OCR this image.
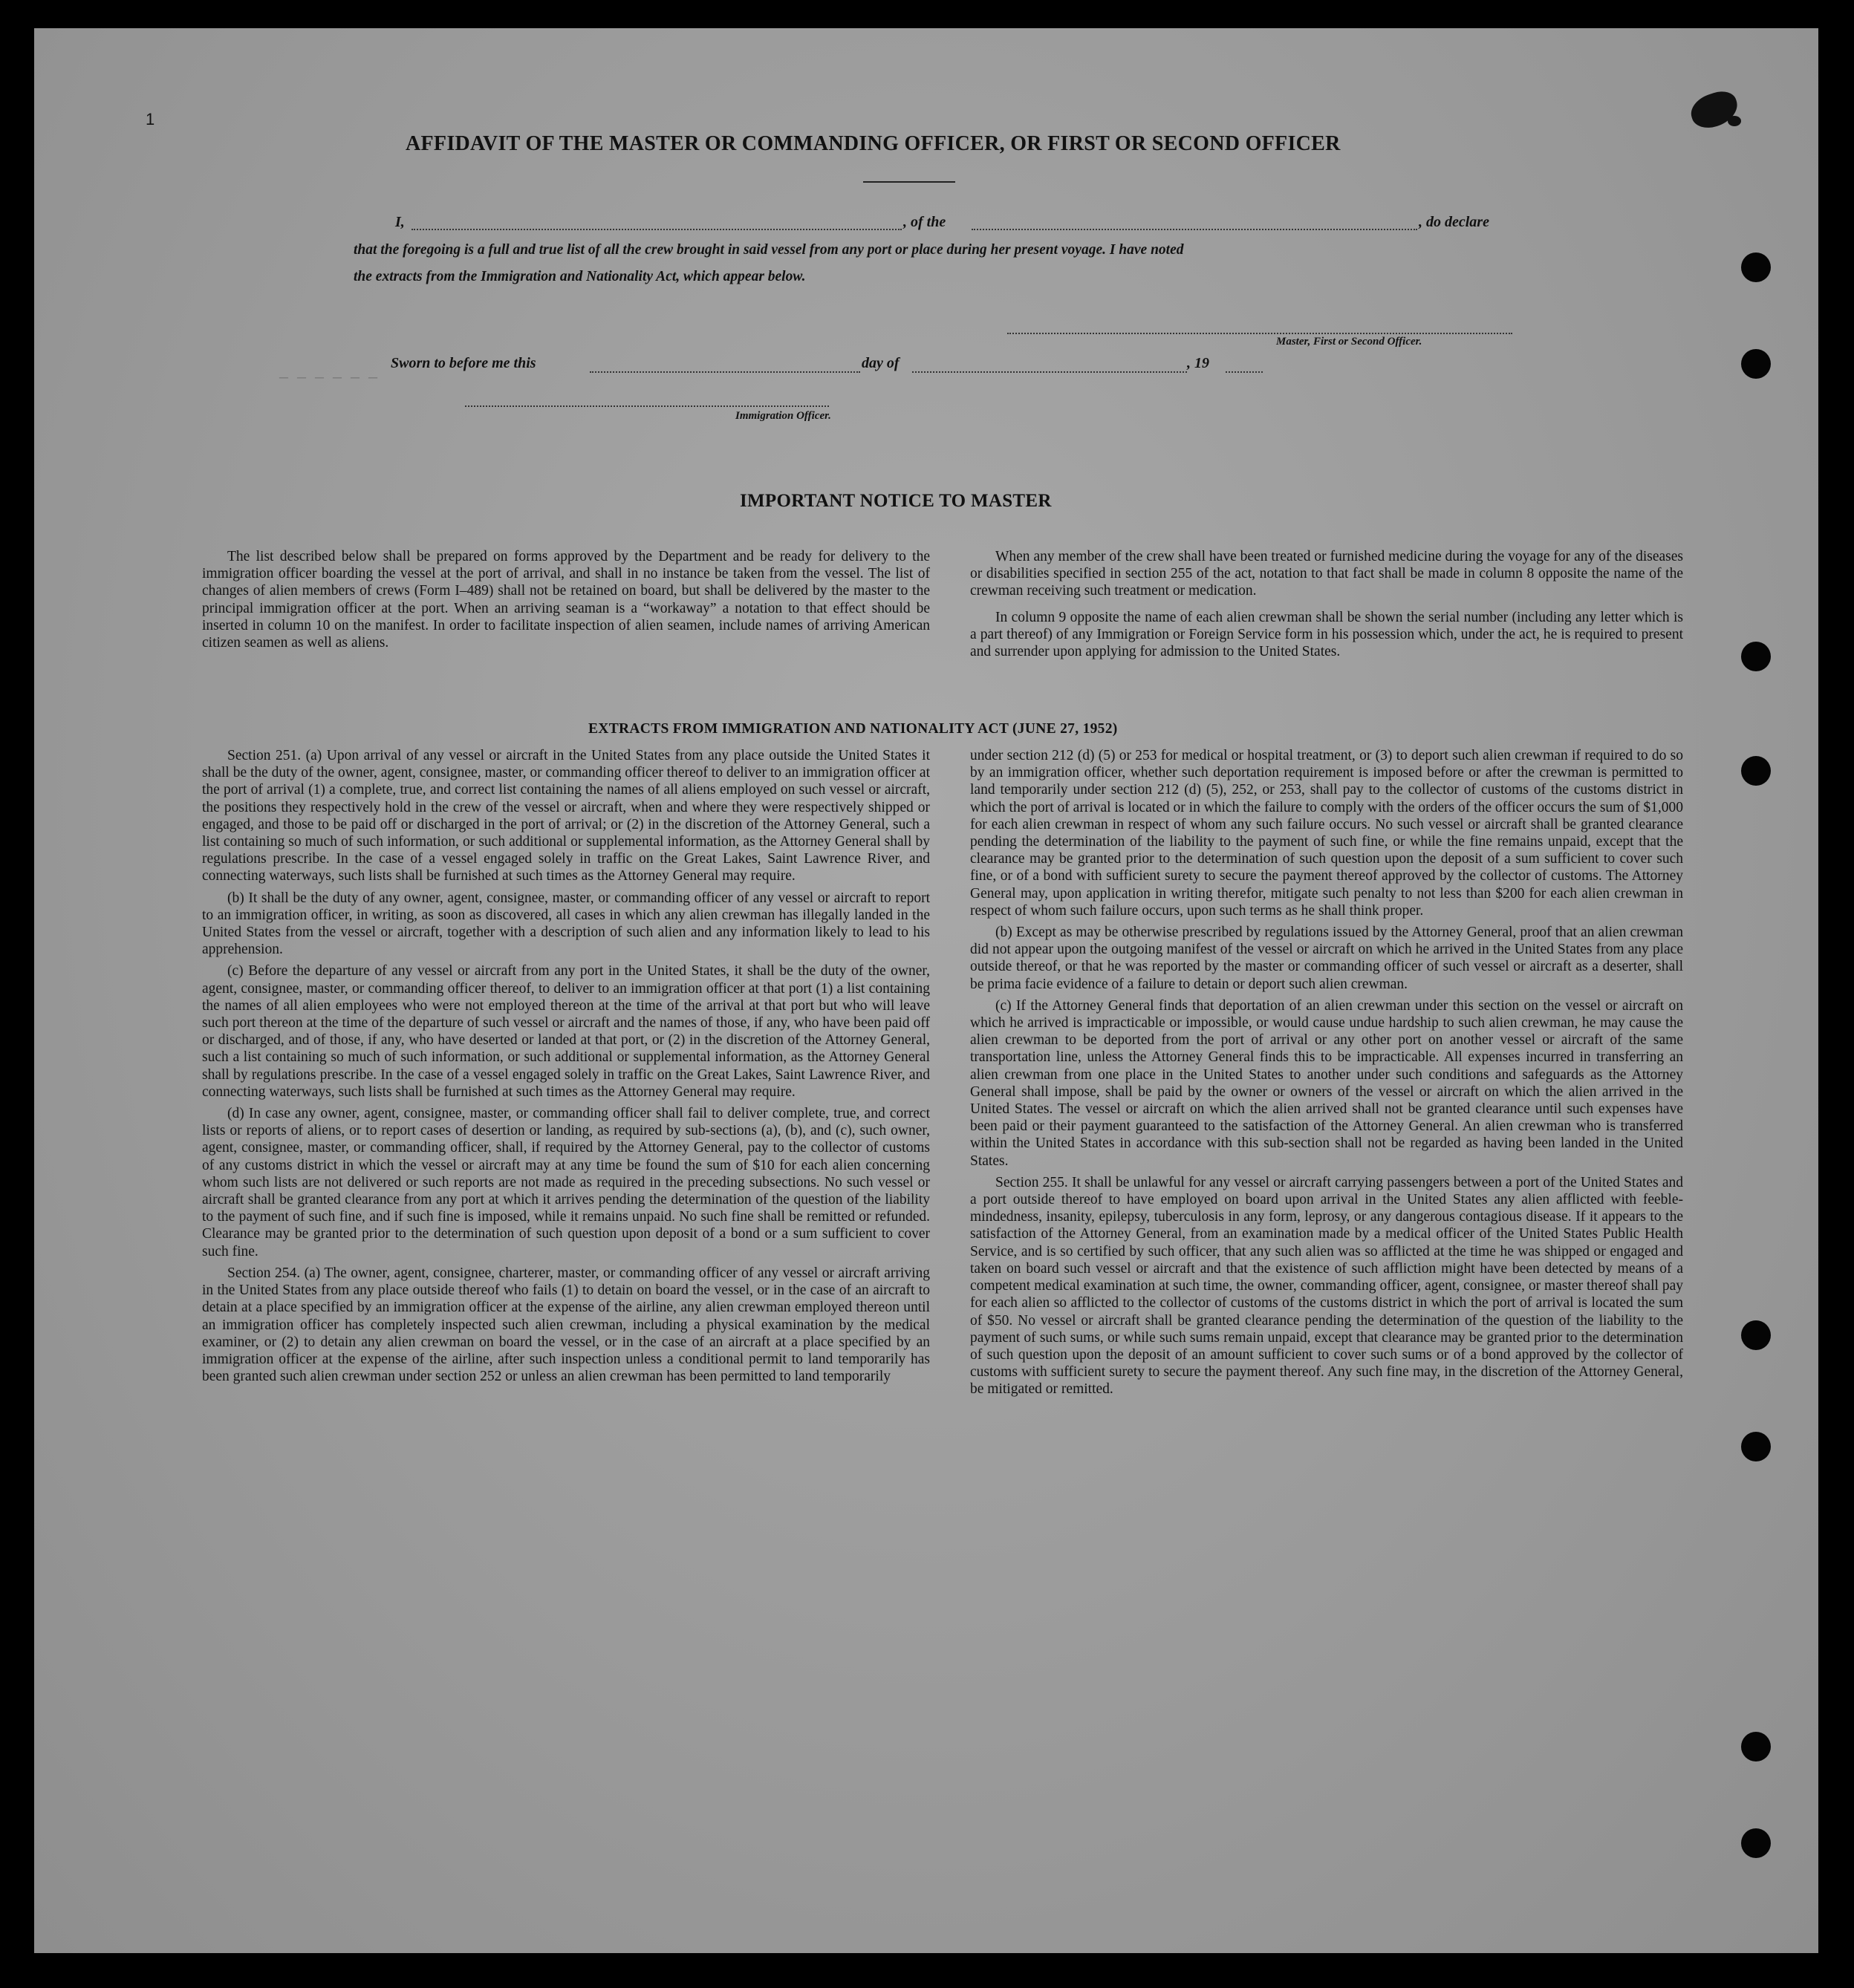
— — — — — —
1
AFFIDAVIT OF THE MASTER OR COMMANDING OFFICER, OR FIRST OR SECOND OFFICER
I,	, of the	, do declare
that the foregoing is a full and true list of all the crew brought in said vessel from any port or place during her present voyage. I have noted
the extracts from the Immigration and Nationality Act, which appear below.
Master, First or Second Officer.
Sworn to before me this	day of	, 19
Immigration Officer.
IMPORTANT NOTICE TO MASTER

The list described below shall be prepared on forms approved by the Department and be ready for delivery to the immigration officer boarding the vessel at the port of arrival, and shall in no instance be taken from the vessel. The list of changes of alien members of crews (Form I–489) shall not be retained on board, but shall be delivered by the master to the principal immigration officer at the port. When an arriving seaman is a “workaway” a notation to that effect should be inserted in column 10 on the manifest. In order to facilitate inspection of alien seamen, include names of arriving American citizen seamen as well as aliens.

When any member of the crew shall have been treated or furnished medicine during the voyage for any of the diseases or disabilities specified in section 255 of the act, notation to that fact shall be made in column 8 opposite the name of the crewman receiving such treatment or medication.

In column 9 opposite the name of each alien crewman shall be shown the serial number (including any letter which is a part thereof) of any Immigration or Foreign Service form in his possession which, under the act, he is required to present and surrender upon applying for admission to the United States.

EXTRACTS FROM IMMIGRATION AND NATIONALITY ACT (JUNE 27, 1952)

Section 251. (a) Upon arrival of any vessel or aircraft in the United States from any place outside the United States it shall be the duty of the owner, agent, consignee, master, or commanding officer thereof to deliver to an immigration officer at the port of arrival (1) a complete, true, and correct list containing the names of all aliens employed on such vessel or aircraft, the positions they respectively hold in the crew of the vessel or aircraft, when and where they were respectively shipped or engaged, and those to be paid off or discharged in the port of arrival; or (2) in the discretion of the Attorney General, such a list containing so much of such information, or such additional or supplemental information, as the Attorney General shall by regulations prescribe. In the case of a vessel engaged solely in traffic on the Great Lakes, Saint Lawrence River, and connecting waterways, such lists shall be furnished at such times as the Attorney General may require.

(b) It shall be the duty of any owner, agent, consignee, master, or commanding officer of any vessel or aircraft to report to an immigration officer, in writing, as soon as discovered, all cases in which any alien crewman has illegally landed in the United States from the vessel or aircraft, together with a description of such alien and any information likely to lead to his apprehension.

(c) Before the departure of any vessel or aircraft from any port in the United States, it shall be the duty of the owner, agent, consignee, master, or commanding officer thereof, to deliver to an immigration officer at that port (1) a list containing the names of all alien employees who were not employed thereon at the time of the arrival at that port but who will leave such port thereon at the time of the departure of such vessel or aircraft and the names of those, if any, who have been paid off or discharged, and of those, if any, who have deserted or landed at that port, or (2) in the discretion of the Attorney General, such a list containing so much of such information, or such additional or supplemental information, as the Attorney General shall by regulations prescribe. In the case of a vessel engaged solely in traffic on the Great Lakes, Saint Lawrence River, and connecting waterways, such lists shall be furnished at such times as the Attorney General may require.

(d) In case any owner, agent, consignee, master, or commanding officer shall fail to deliver complete, true, and correct lists or reports of aliens, or to report cases of desertion or landing, as required by sub-sections (a), (b), and (c), such owner, agent, consignee, master, or commanding officer, shall, if required by the Attorney General, pay to the collector of customs of any customs district in which the vessel or aircraft may at any time be found the sum of $10 for each alien concerning whom such lists are not delivered or such reports are not made as required in the preceding subsections. No such vessel or aircraft shall be granted clearance from any port at which it arrives pending the determination of the question of the liability to the payment of such fine, and if such fine is imposed, while it remains unpaid. No such fine shall be remitted or refunded. Clearance may be granted prior to the determination of such question upon deposit of a bond or a sum sufficient to cover such fine.

Section 254. (a) The owner, agent, consignee, charterer, master, or commanding officer of any vessel or aircraft arriving in the United States from any place outside thereof who fails (1) to detain on board the vessel, or in the case of an aircraft to detain at a place specified by an immigration officer at the expense of the airline, any alien crewman employed thereon until an immigration officer has completely inspected such alien crewman, including a physical examination by the medical examiner, or (2) to detain any alien crewman on board the vessel, or in the case of an aircraft at a place specified by an immigration officer at the expense of the airline, after such inspection unless a conditional permit to land temporarily has been granted such alien crewman under section 252 or unless an alien crewman has been permitted to land temporarily

under section 212 (d) (5) or 253 for medical or hospital treatment, or (3) to deport such alien crewman if required to do so by an immigration officer, whether such deportation requirement is imposed before or after the crewman is permitted to land temporarily under section 212 (d) (5), 252, or 253, shall pay to the collector of customs of the customs district in which the port of arrival is located or in which the failure to comply with the orders of the officer occurs the sum of $1,000 for each alien crewman in respect of whom any such failure occurs. No such vessel or aircraft shall be granted clearance pending the determination of the liability to the payment of such fine, or while the fine remains unpaid, except that the clearance may be granted prior to the determination of such question upon the deposit of a sum sufficient to cover such fine, or of a bond with sufficient surety to secure the payment thereof approved by the collector of customs. The Attorney General may, upon application in writing therefor, mitigate such penalty to not less than $200 for each alien crewman in respect of whom such failure occurs, upon such terms as he shall think proper.

(b) Except as may be otherwise prescribed by regulations issued by the Attorney General, proof that an alien crewman did not appear upon the outgoing manifest of the vessel or aircraft on which he arrived in the United States from any place outside thereof, or that he was reported by the master or commanding officer of such vessel or aircraft as a deserter, shall be prima facie evidence of a failure to detain or deport such alien crewman.

(c) If the Attorney General finds that deportation of an alien crewman under this section on the vessel or aircraft on which he arrived is impracticable or impossible, or would cause undue hardship to such alien crewman, he may cause the alien crewman to be deported from the port of arrival or any other port on another vessel or aircraft of the same transportation line, unless the Attorney General finds this to be impracticable. All expenses incurred in transferring an alien crewman from one place in the United States to another under such conditions and safeguards as the Attorney General shall impose, shall be paid by the owner or owners of the vessel or aircraft on which the alien arrived in the United States. The vessel or aircraft on which the alien arrived shall not be granted clearance until such expenses have been paid or their payment guaranteed to the satisfaction of the Attorney General. An alien crewman who is transferred within the United States in accordance with this sub-section shall not be regarded as having been landed in the United States.

Section 255. It shall be unlawful for any vessel or aircraft carrying passengers between a port of the United States and a port outside thereof to have employed on board upon arrival in the United States any alien afflicted with feeble-mindedness, insanity, epilepsy, tuberculosis in any form, leprosy, or any dangerous contagious disease. If it appears to the satisfaction of the Attorney General, from an examination made by a medical officer of the United States Public Health Service, and is so certified by such officer, that any such alien was so afflicted at the time he was shipped or engaged and taken on board such vessel or aircraft and that the existence of such affliction might have been detected by means of a competent medical examination at such time, the owner, commanding officer, agent, consignee, or master thereof shall pay for each alien so afflicted to the collector of customs of the customs district in which the port of arrival is located the sum of $50. No vessel or aircraft shall be granted clearance pending the determination of the question of the liability to the payment of such sums, or while such sums remain unpaid, except that clearance may be granted prior to the determination of such question upon the deposit of an amount sufficient to cover such sums or of a bond approved by the collector of customs with sufficient surety to secure the payment thereof. Any such fine may, in the discretion of the Attorney General, be mitigated or remitted.
